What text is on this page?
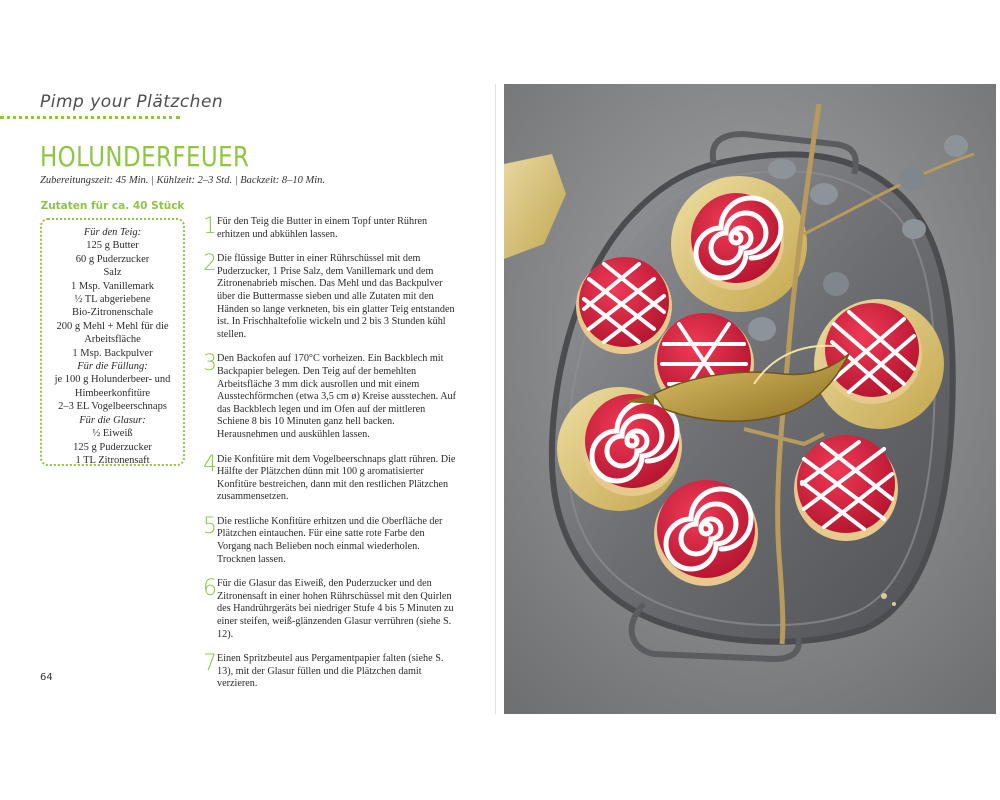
Pimp your Plätzchen
HOLUNDERFEUER
Zubereitungszeit: 45 Min. | Kühlzeit: 2–3 Std. | Backzeit: 8–10 Min.
Zutaten für ca. 40 Stück
Für den Teig:
125 g Butter
60 g Puderzucker
Salz
1 Msp. Vanillemark
½ TL abgeriebene
Bio-Zitronenschale
200 g Mehl + Mehl für die
Arbeitsfläche
1 Msp. Backpulver
Für die Füllung:
je 100 g Holunderbeer- und
Himbeerkonfitüre
2–3 EL Vogelbeerschnaps
Für die Glasur:
½ Eiweiß
125 g Puderzucker
1 TL Zitronensaft
1 Für den Teig die Butter in einem Topf unter Rühren erhitzen und abkühlen lassen.
2 Die flüssige Butter in einer Rührschüssel mit dem Puderzucker, 1 Prise Salz, dem Vanillemark und dem Zitronenabrieb mischen. Das Mehl und das Backpulver über die Buttermasse sieben und alle Zutaten mit den Händen so lange verkneten, bis ein glatter Teig entstanden ist. In Frischhaltefolie wickeln und 2 bis 3 Stunden kühl stellen.
3 Den Backofen auf 170°C vorheizen. Ein Backblech mit Backpapier belegen. Den Teig auf der bemehlten Arbeitsfläche 3 mm dick ausrollen und mit einem Ausstechförmchen (etwa 3,5 cm ø) Kreise ausstechen. Auf das Backblech legen und im Ofen auf der mittleren Schiene 8 bis 10 Minuten ganz hell backen. Herausnehmen und auskühlen lassen.
4 Die Konfitüre mit dem Vogelbeerschnaps glatt rühren. Die Hälfte der Plätzchen dünn mit 100 g aromatisierter Konfitüre bestreichen, dann mit den restlichen Plätzchen zusammensetzen.
5 Die restliche Konfitüre erhitzen und die Oberfläche der Plätzchen eintauchen. Für eine satte rote Farbe den Vorgang nach Belieben noch einmal wiederholen. Trocknen lassen.
6 Für die Glasur das Eiweiß, den Puderzucker und den Zitronensaft in einer hohen Rührschüssel mit den Quirlen des Handrührgeräts bei niedriger Stufe 4 bis 5 Minuten zu einer steifen, weiß-glänzenden Glasur verrühren (siehe S. 12).
7 Einen Spritzbeutel aus Pergamentpapier falten (siehe S. 13), mit der Glasur füllen und die Plätzchen damit verzieren.
64
